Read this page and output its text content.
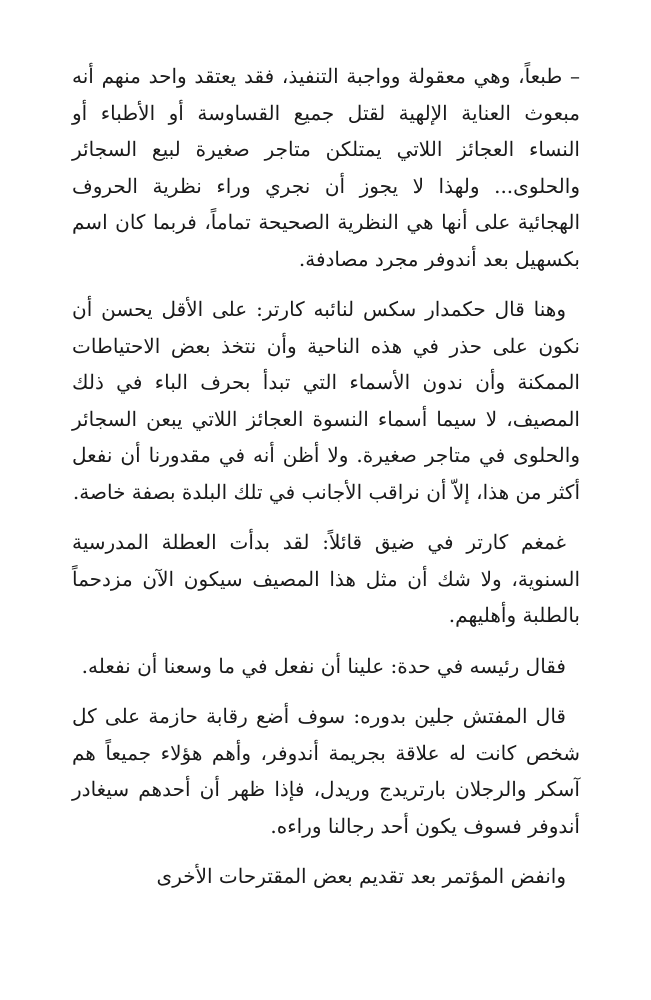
– طبعاً، وهي معقولة وواجبة التنفيذ، فقد يعتقد واحد منهم أنه مبعوث العناية الإلهية لقتل جميع القساوسة أو الأطباء أو النساء العجائز اللاتي يمتلكن متاجر صغيرة لبيع السجائر والحلوى... ولهذا لا يجوز أن نجري وراء نظرية الحروف الهجائية على أنها هي النظرية الصحيحة تماماً، فربما كان اسم بكسهيل بعد أندوفر مجرد مصادفة.

وهنا قال حكمدار سكس لنائبه كارتر: على الأقل يحسن أن نكون على حذر في هذه الناحية وأن نتخذ بعض الاحتياطات الممكنة وأن ندون الأسماء التي تبدأ بحرف الباء في ذلك المصيف، لا سيما أسماء النسوة العجائز اللاتي يبعن السجائر والحلوى في متاجر صغيرة. ولا أظن أنه في مقدورنا أن نفعل أكثر من هذا، إلاّ أن نراقب الأجانب في تلك البلدة بصفة خاصة.

غمغم كارتر في ضيق قائلاً: لقد بدأت العطلة المدرسية السنوية، ولا شك أن مثل هذا المصيف سيكون الآن مزدحماً بالطلبة وأهليهم.

فقال رئيسه في حدة: علينا أن نفعل في ما وسعنا أن نفعله.

قال المفتش جلين بدوره: سوف أضع رقابة حازمة على كل شخص كانت له علاقة بجريمة أندوفر، وأهم هؤلاء جميعاً هم آسكر والرجلان بارتريدج وريدل، فإذا ظهر أن أحدهم سيغادر أندوفر فسوف يكون أحد رجالنا وراءه.

وانفض المؤتمر بعد تقديم بعض المقترحات الأخرى
